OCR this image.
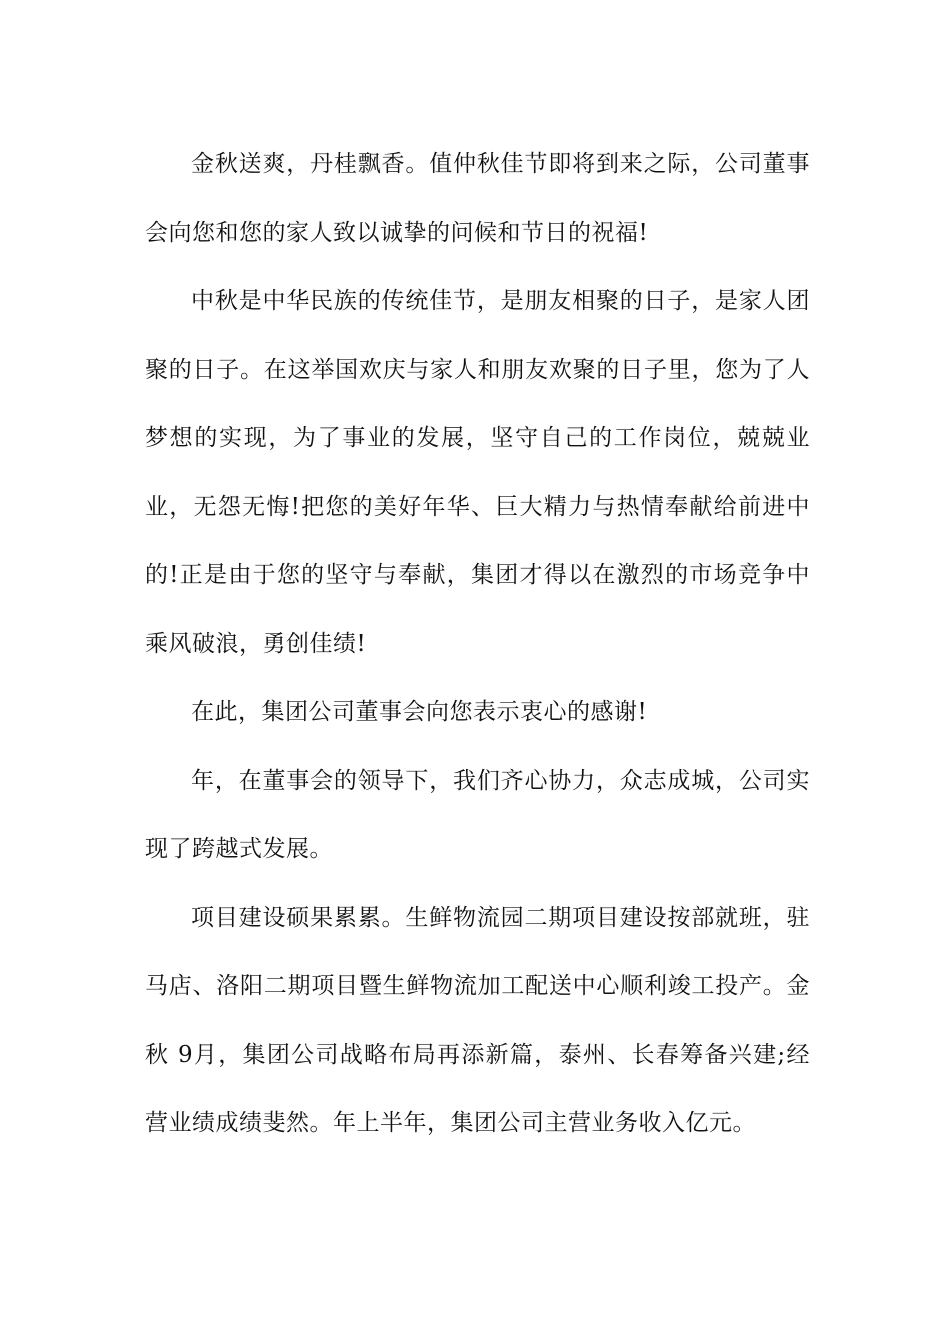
金秋送爽，丹桂飘香。值仲秋佳节即将到来之际，公司董事会向您和您的家人致以诚挚的问候和节日的祝福!

中秋是中华民族的传统佳节，是朋友相聚的日子，是家人团聚的日子。在这举国欢庆与家人和朋友欢聚的日子里，您为了人梦想的实现，为了事业的发展，坚守自己的工作岗位，兢兢业业，无怨无悔!把您的美好年华、巨大精力与热情奉献给前进中的!正是由于您的坚守与奉献，集团才得以在激烈的市场竞争中乘风破浪，勇创佳绩!

在此，集团公司董事会向您表示衷心的感谢!

年，在董事会的领导下，我们齐心协力，众志成城，公司实现了跨越式发展。

项目建设硕果累累。生鲜物流园二期项目建设按部就班，驻马店、洛阳二期项目暨生鲜物流加工配送中心顺利竣工投产。金秋 9月，集团公司战略布局再添新篇，泰州、长春筹备兴建;经营业绩成绩斐然。年上半年，集团公司主营业务收入亿元。
